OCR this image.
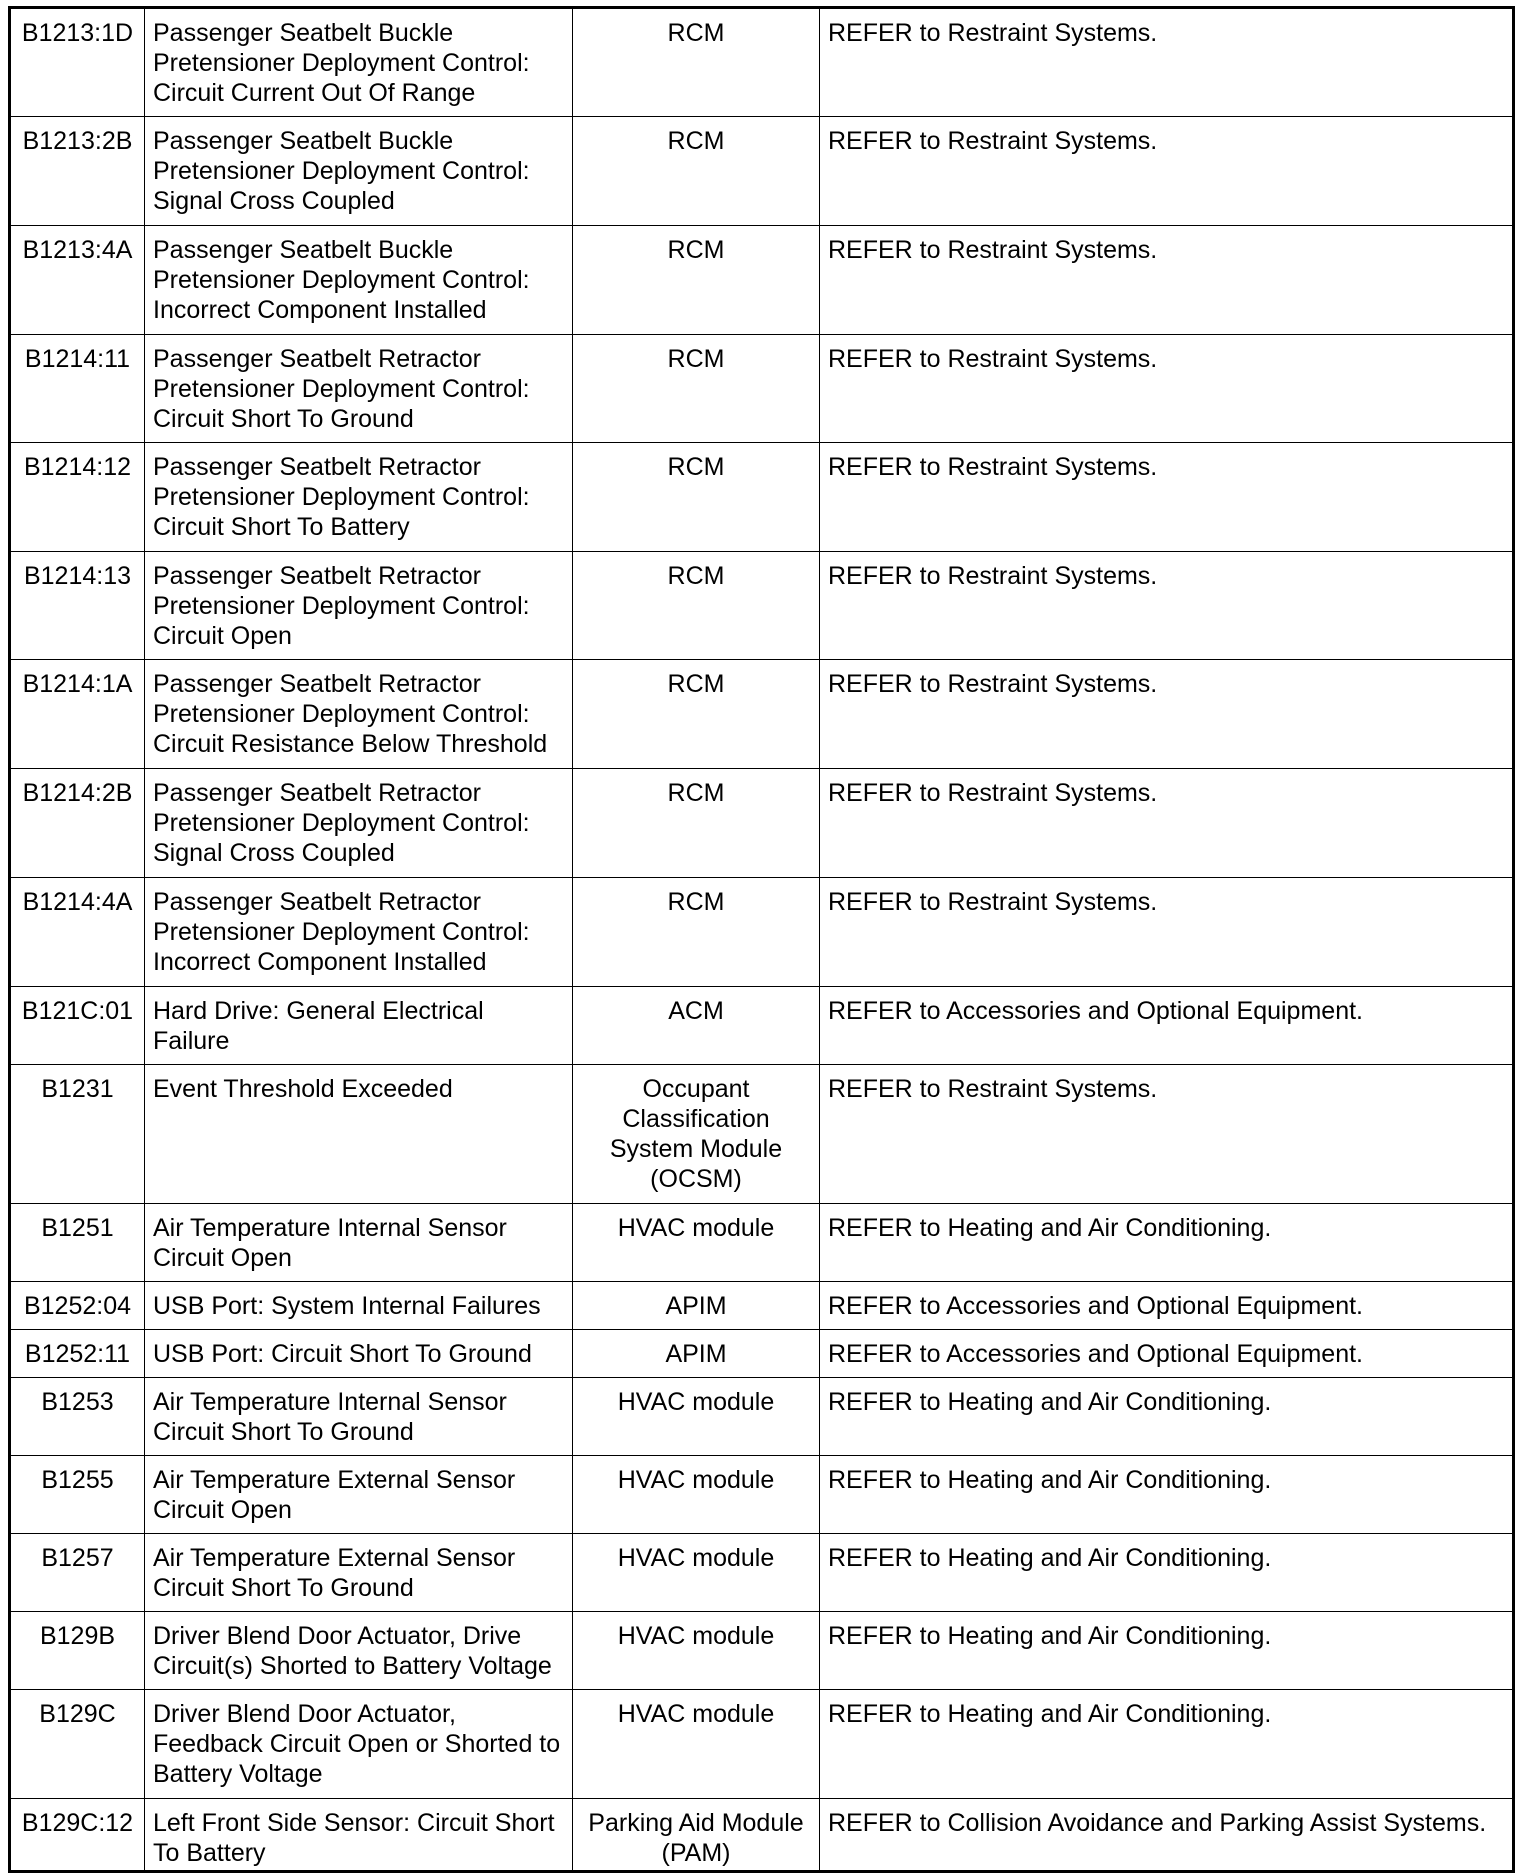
B1213:1D	Passenger Seatbelt Buckle Pretensioner Deployment Control: Circuit Current Out Of Range	RCM	REFER to Restraint Systems.
B1213:2B	Passenger Seatbelt Buckle Pretensioner Deployment Control: Signal Cross Coupled	RCM	REFER to Restraint Systems.
B1213:4A	Passenger Seatbelt Buckle Pretensioner Deployment Control: Incorrect Component Installed	RCM	REFER to Restraint Systems.
B1214:11	Passenger Seatbelt Retractor Pretensioner Deployment Control: Circuit Short To Ground	RCM	REFER to Restraint Systems.
B1214:12	Passenger Seatbelt Retractor Pretensioner Deployment Control: Circuit Short To Battery	RCM	REFER to Restraint Systems.
B1214:13	Passenger Seatbelt Retractor Pretensioner Deployment Control: Circuit Open	RCM	REFER to Restraint Systems.
B1214:1A	Passenger Seatbelt Retractor Pretensioner Deployment Control: Circuit Resistance Below Threshold	RCM	REFER to Restraint Systems.
B1214:2B	Passenger Seatbelt Retractor Pretensioner Deployment Control: Signal Cross Coupled	RCM	REFER to Restraint Systems.
B1214:4A	Passenger Seatbelt Retractor Pretensioner Deployment Control: Incorrect Component Installed	RCM	REFER to Restraint Systems.
B121C:01	Hard Drive: General Electrical Failure	ACM	REFER to Accessories and Optional Equipment.
B1231	Event Threshold Exceeded	Occupant Classification System Module (OCSM)	REFER to Restraint Systems.
B1251	Air Temperature Internal Sensor Circuit Open	HVAC module	REFER to Heating and Air Conditioning.
B1252:04	USB Port: System Internal Failures	APIM	REFER to Accessories and Optional Equipment.
B1252:11	USB Port: Circuit Short To Ground	APIM	REFER to Accessories and Optional Equipment.
B1253	Air Temperature Internal Sensor Circuit Short To Ground	HVAC module	REFER to Heating and Air Conditioning.
B1255	Air Temperature External Sensor Circuit Open	HVAC module	REFER to Heating and Air Conditioning.
B1257	Air Temperature External Sensor Circuit Short To Ground	HVAC module	REFER to Heating and Air Conditioning.
B129B	Driver Blend Door Actuator, Drive Circuit(s) Shorted to Battery Voltage	HVAC module	REFER to Heating and Air Conditioning.
B129C	Driver Blend Door Actuator, Feedback Circuit Open or Shorted to Battery Voltage	HVAC module	REFER to Heating and Air Conditioning.
B129C:12	Left Front Side Sensor: Circuit Short To Battery	Parking Aid Module (PAM)	REFER to Collision Avoidance and Parking Assist Systems.
